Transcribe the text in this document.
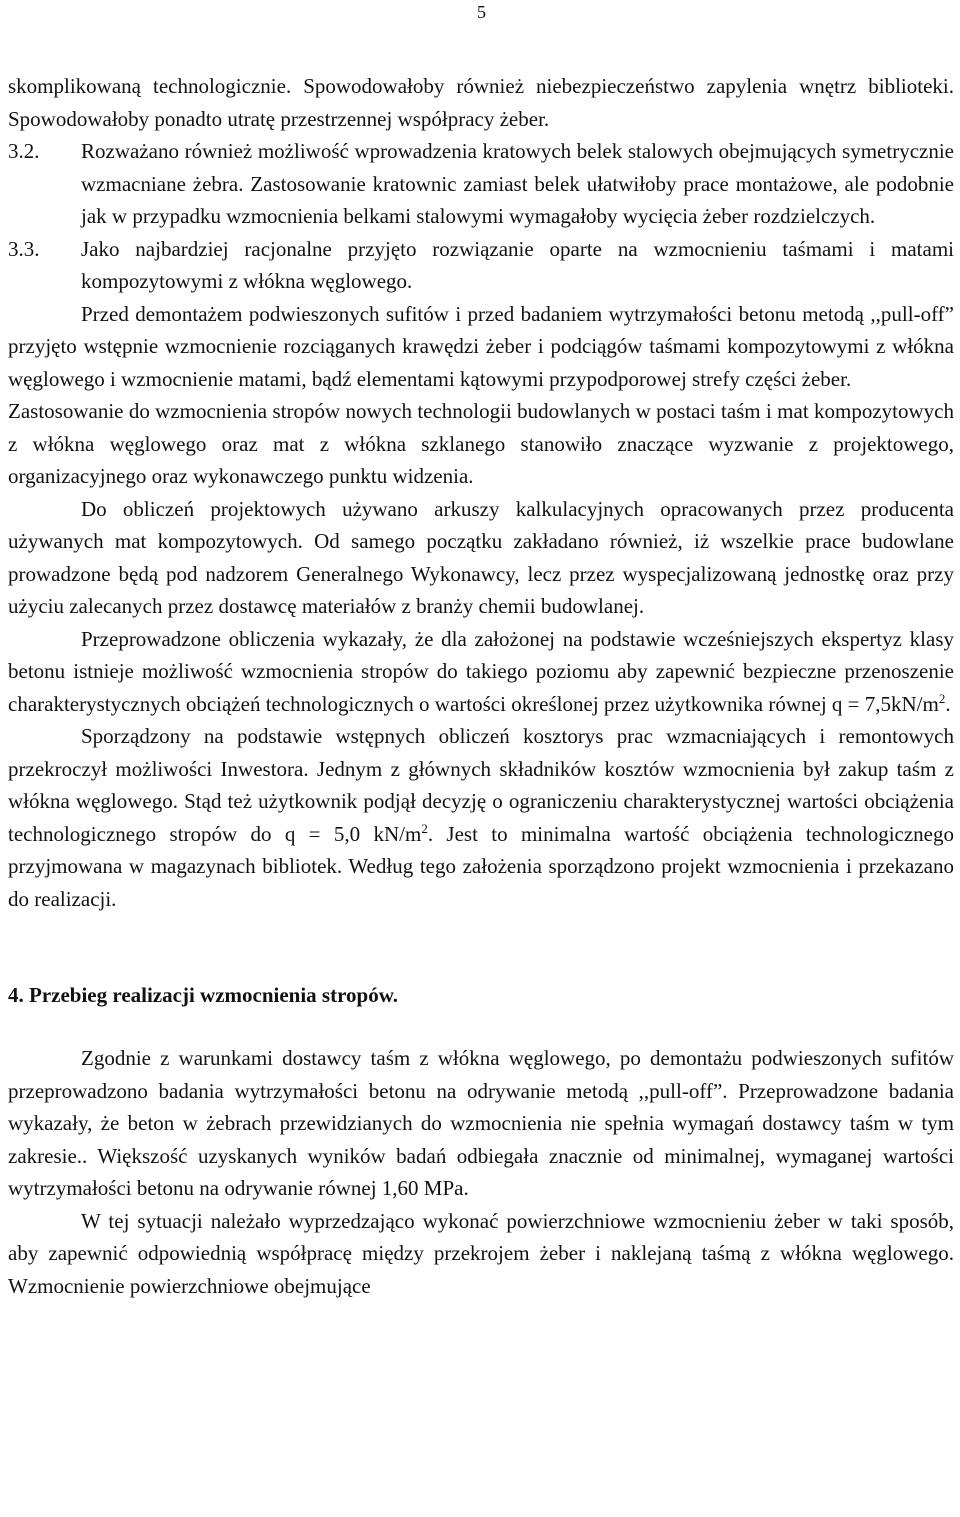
5

skomplikowaną technologicznie. Spowodowałoby również niebezpieczeństwo zapylenia wnętrz biblioteki. Spowodowałoby ponadto utratę przestrzennej współpracy żeber.

3.2.	Rozważano również możliwość wprowadzenia kratowych belek stalowych obejmujących symetrycznie wzmacniane żebra. Zastosowanie kratownic zamiast belek ułatwiłoby prace montażowe, ale podobnie jak w przypadku wzmocnienia belkami stalowymi wymagałoby wycięcia żeber rozdzielczych.
3.3.	Jako najbardziej racjonalne przyjęto rozwiązanie oparte na wzmocnieniu taśmami i matami kompozytowymi z włókna węglowego.

Przed demontażem podwieszonych sufitów i przed badaniem wytrzymałości betonu metodą ,,pull-off” przyjęto wstępnie wzmocnienie rozciąganych krawędzi żeber i podciągów taśmami kompozytowymi z włókna węglowego i wzmocnienie matami, bądź elementami kątowymi przypodporowej strefy części żeber.

Zastosowanie do wzmocnienia stropów nowych technologii budowlanych w postaci taśm i mat kompozytowych z włókna węglowego oraz mat z włókna szklanego stanowiło znaczące wyzwanie z projektowego, organizacyjnego oraz wykonawczego punktu widzenia.

Do obliczeń projektowych używano arkuszy kalkulacyjnych opracowanych przez producenta używanych mat kompozytowych. Od samego początku zakładano również, iż wszelkie prace budowlane prowadzone będą pod nadzorem Generalnego Wykonawcy, lecz przez wyspecjalizowaną jednostkę oraz przy użyciu zalecanych przez dostawcę materiałów z branży chemii budowlanej.

Przeprowadzone obliczenia wykazały, że dla założonej na podstawie wcześniejszych ekspertyz klasy betonu istnieje możliwość wzmocnienia stropów do takiego poziomu aby zapewnić bezpieczne przenoszenie charakterystycznych obciążeń technologicznych o wartości określonej przez użytkownika równej $q = 7,5kN/m^2$.

Sporządzony na podstawie wstępnych obliczeń kosztorys prac wzmacniających i remontowych przekroczył możliwości Inwestora. Jednym z głównych składników kosztów wzmocnienia był zakup taśm z włókna węglowego. Stąd też użytkownik podjął decyzję o ograniczeniu charakterystycznej wartości obciążenia technologicznego stropów do q = 5,0 $kN/m^2$. Jest to minimalna wartość obciążenia technologicznego przyjmowana w magazynach bibliotek. Według tego założenia sporządzono projekt wzmocnienia i przekazano do realizacji.

4. Przebieg realizacji wzmocnienia stropów.

Zgodnie z warunkami dostawcy taśm z włókna węglowego, po demontażu podwieszonych sufitów przeprowadzono badania wytrzymałości betonu na odrywanie metodą ,,pull-off”. Przeprowadzone badania wykazały, że beton w żebrach przewidzianych do wzmocnienia nie spełnia wymagań dostawcy taśm w tym zakresie.. Większość uzyskanych wyników badań odbiegała znacznie od minimalnej, wymaganej wartości wytrzymałości betonu na odrywanie równej 1,60 MPa.

W tej sytuacji należało wyprzedzająco wykonać powierzchniowe wzmocnieniu żeber w taki sposób, aby zapewnić odpowiednią współpracę między przekrojem żeber i naklejaną taśmą z włókna węglowego. Wzmocnienie powierzchniowe obejmujące
